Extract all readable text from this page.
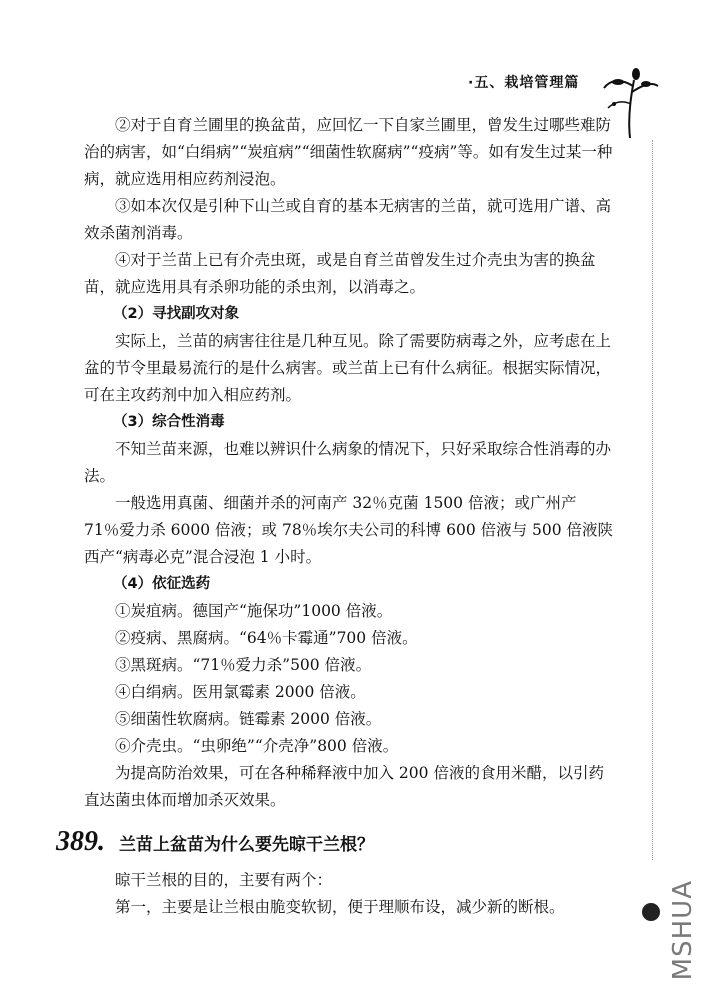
·五、栽培管理篇
MSHUA

②对于自育兰圃里的换盆苗，应回忆一下自家兰圃里，曾发生过哪些难防治的病害，如“白绢病”“炭疽病”“细菌性软腐病”“疫病”等。如有发生过某一种病，就应选用相应药剂浸泡。

③如本次仅是引种下山兰或自育的基本无病害的兰苗，就可选用广谱、高效杀菌剂消毒。

④对于兰苗上已有介壳虫斑，或是自育兰苗曾发生过介壳虫为害的换盆苗，就应选用具有杀卵功能的杀虫剂，以消毒之。

（2）寻找副攻对象

实际上，兰苗的病害往往是几种互见。除了需要防病毒之外，应考虑在上盆的节令里最易流行的是什么病害。或兰苗上已有什么病征。根据实际情况，可在主攻药剂中加入相应药剂。

（3）综合性消毒

不知兰苗来源，也难以辨识什么病象的情况下，只好采取综合性消毒的办法。

一般选用真菌、细菌并杀的河南产 32％克菌 1500 倍液；或广州产 71％爱力杀 6000 倍液；或 78％埃尔夫公司的科博 600 倍液与 500 倍液陕西产“病毒必克”混合浸泡 1 小时。

（4）依征选药

①炭疽病。德国产“施保功”1000 倍液。

②疫病、黑腐病。“64％卡霉通”700 倍液。

③黑斑病。“71％爱力杀”500 倍液。

④白绢病。医用氯霉素 2000 倍液。

⑤细菌性软腐病。链霉素 2000 倍液。

⑥介壳虫。“虫卵绝”“介壳净”800 倍液。

为提高防治效果，可在各种稀释液中加入 200 倍液的食用米醋，以引药直达菌虫体而增加杀灭效果。

389. 兰苗上盆苗为什么要先晾干兰根？

晾干兰根的目的，主要有两个：

第一，主要是让兰根由脆变软韧，便于理顺布设，减少新的断根。
